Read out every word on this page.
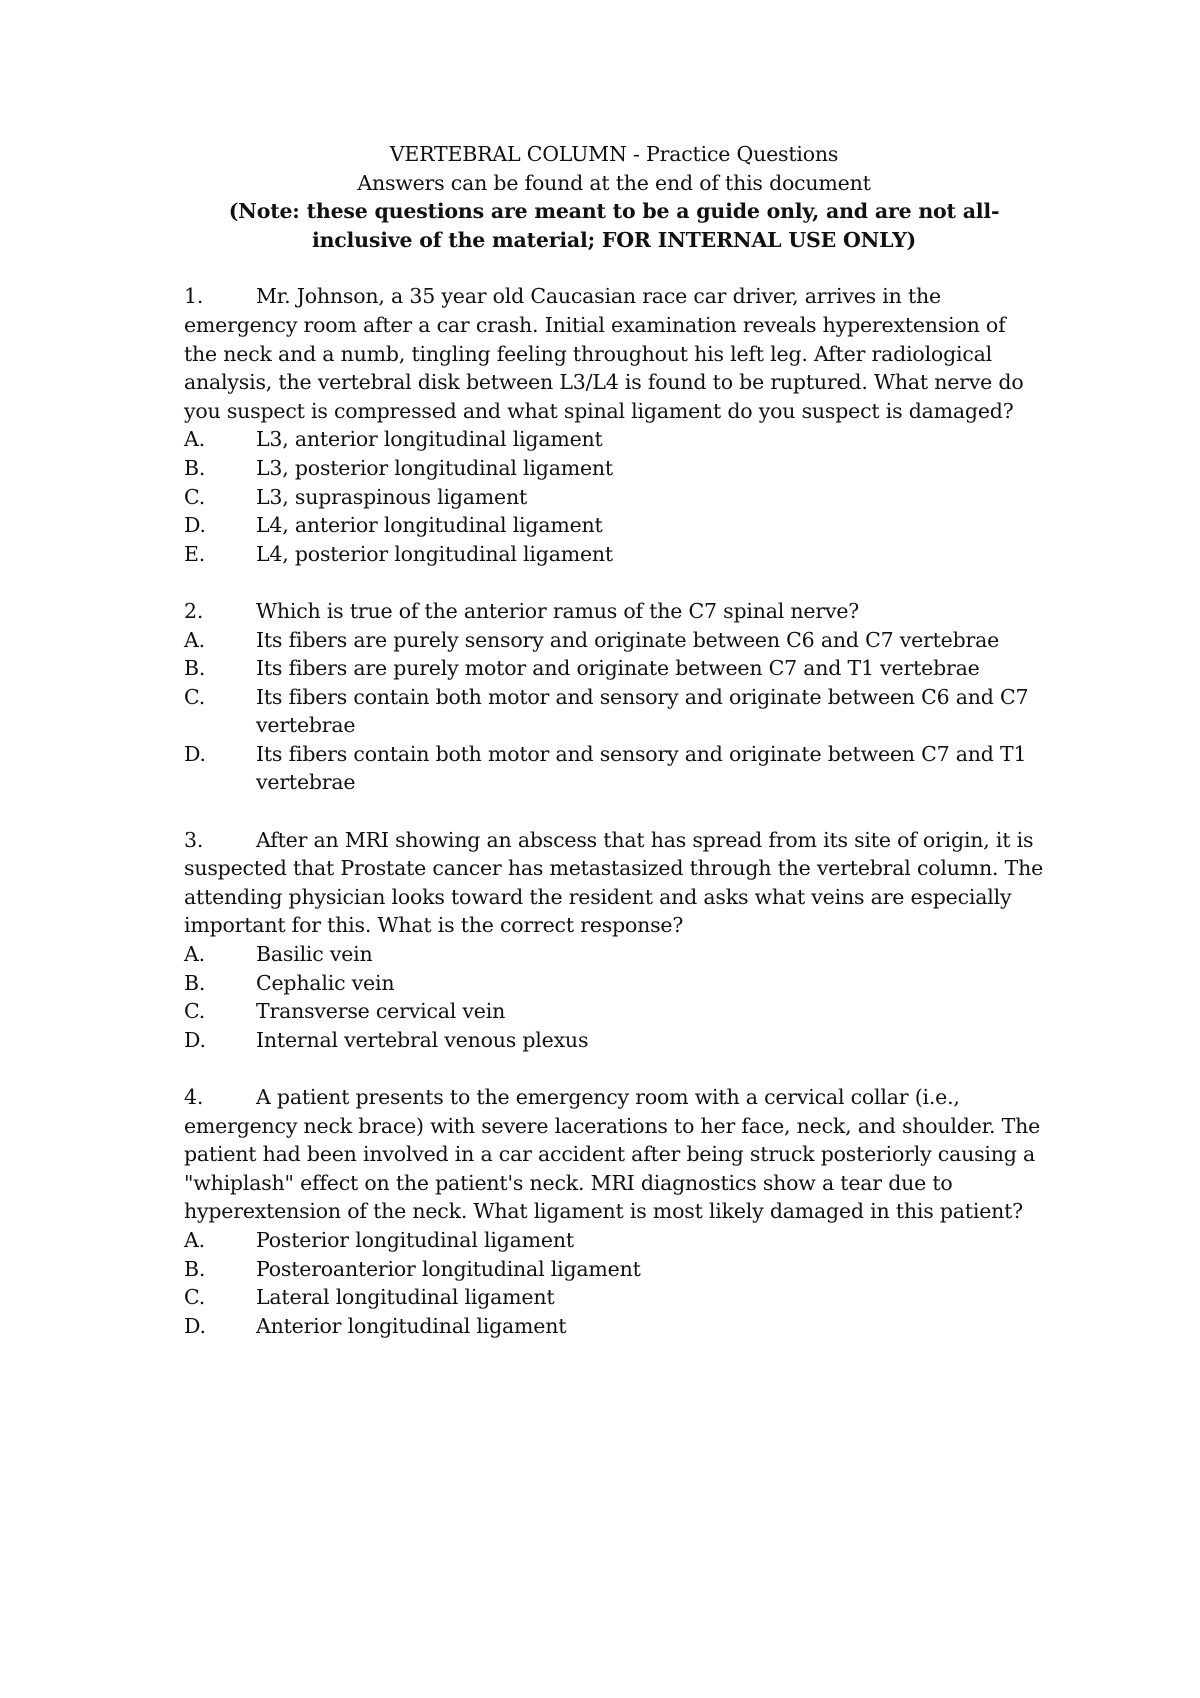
VERTEBRAL COLUMN - Practice Questions
Answers can be found at the end of this document
(Note: these questions are meant to be a guide only, and are not all-
inclusive of the material; FOR INTERNAL USE ONLY)
1.	Mr. Johnson, a 35 year old Caucasian race car driver, arrives in the emergency room after a car crash. Initial examination reveals hyperextension of the neck and a numb, tingling feeling throughout his left leg. After radiological analysis, the vertebral disk between L3/L4 is found to be ruptured. What nerve do you suspect is compressed and what spinal ligament do you suspect is damaged?
A.	L3, anterior longitudinal ligament
B.	L3, posterior longitudinal ligament
C.	L3, supraspinous ligament
D.	L4, anterior longitudinal ligament
E.	L4, posterior longitudinal ligament
2.	Which is true of the anterior ramus of the C7 spinal nerve?
A.	Its fibers are purely sensory and originate between C6 and C7 vertebrae
B.	Its fibers are purely motor and originate between C7 and T1 vertebrae
C.	Its fibers contain both motor and sensory and originate between C6 and C7 vertebrae
D.	Its fibers contain both motor and sensory and originate between C7 and T1 vertebrae
3.	After an MRI showing an abscess that has spread from its site of origin, it is suspected that Prostate cancer has metastasized through the vertebral column. The attending physician looks toward the resident and asks what veins are especially important for this. What is the correct response?
A.	Basilic vein
B.	Cephalic vein
C.	Transverse cervical vein
D.	Internal vertebral venous plexus
4.	A patient presents to the emergency room with a cervical collar (i.e., emergency neck brace) with severe lacerations to her face, neck, and shoulder. The patient had been involved in a car accident after being struck posteriorly causing a "whiplash" effect on the patient's neck. MRI diagnostics show a tear due to hyperextension of the neck. What ligament is most likely damaged in this patient?
A.	Posterior longitudinal ligament
B.	Posteroanterior longitudinal ligament
C.	Lateral longitudinal ligament
D.	Anterior longitudinal ligament
